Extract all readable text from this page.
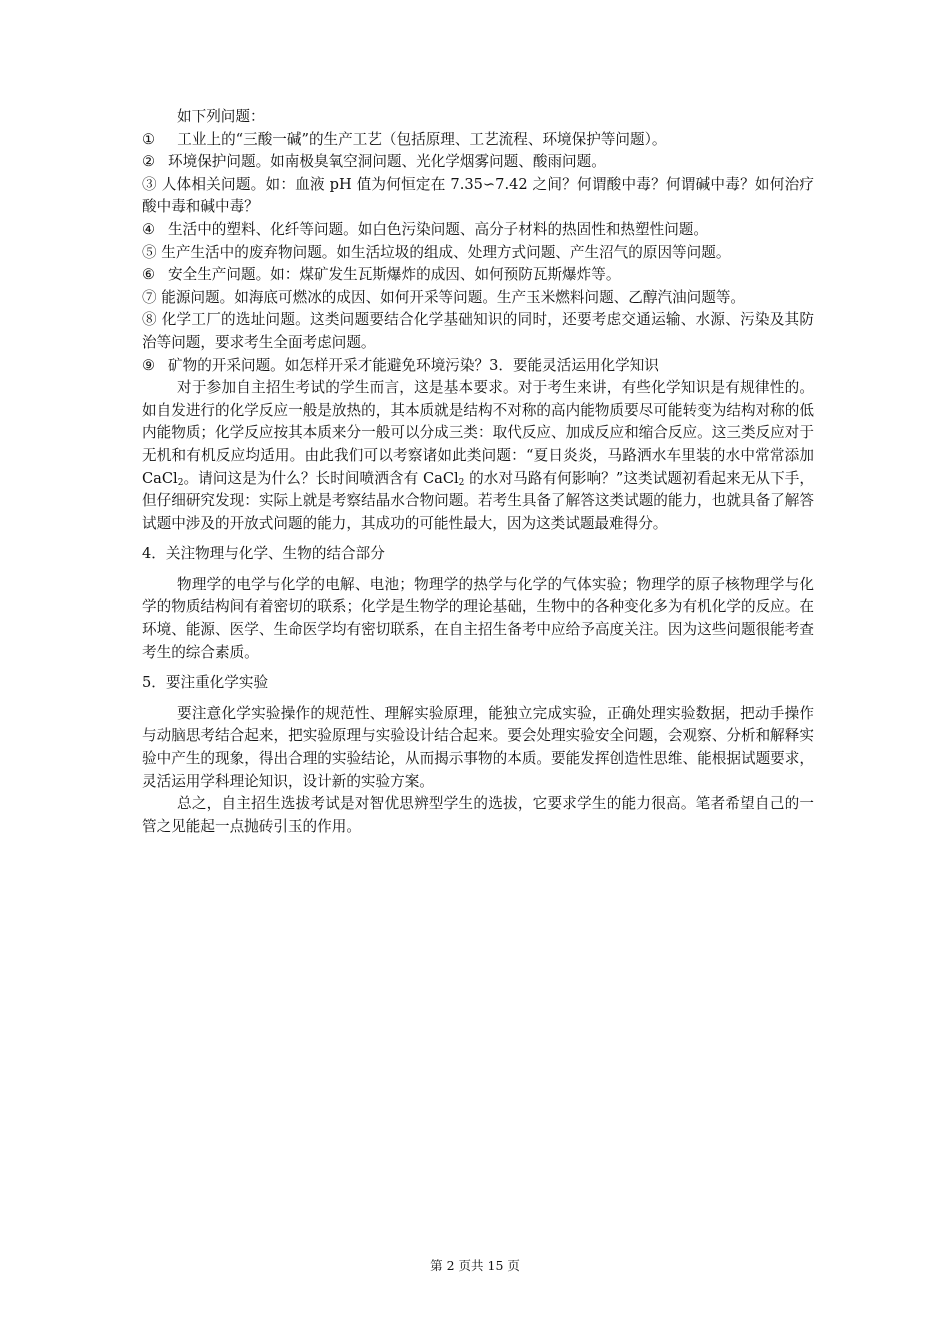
如下列问题：

① 工业上的“三酸一碱”的生产工艺（包括原理、工艺流程、环境保护等问题）。
② 环境保护问题。如南极臭氧空洞问题、光化学烟雾问题、酸雨问题。

③ 人体相关问题。如：血液 pH 值为何恒定在 7.35∽7.42 之间？何谓酸中毒？何谓碱中毒？如何治疗酸中毒和碱中毒？

④ 生活中的塑料、化纤等问题。如白色污染问题、高分子材料的热固性和热塑性问题。

⑤ 生产生活中的废弃物问题。如生活垃圾的组成、处理方式问题、产生沼气的原因等问题。

⑥ 安全生产问题。如：煤矿发生瓦斯爆炸的成因、如何预防瓦斯爆炸等。

⑦ 能源问题。如海底可燃冰的成因、如何开采等问题。生产玉米燃料问题、乙醇汽油问题等。

⑧ 化学工厂的选址问题。这类问题要结合化学基础知识的同时，还要考虑交通运输、水源、污染及其防治等问题，要求考生全面考虑问题。

⑨ 矿物的开采问题。如怎样开采才能避免环境污染？3．要能灵活运用化学知识

对于参加自主招生考试的学生而言，这是基本要求。对于考生来讲，有些化学知识是有规律性的。如自发进行的化学反应一般是放热的，其本质就是结构不对称的高内能物质要尽可能转变为结构对称的低内能物质；化学反应按其本质来分一般可以分成三类：取代反应、加成反应和缩合反应。这三类反应对于无机和有机反应均适用。由此我们可以考察诸如此类问题：“夏日炎炎，马路洒水车里装的水中常常添加 CaCl$_2$。请问这是为什么？长时间喷洒含有 CaCl$_2$ 的水对马路有何影响？”这类试题初看起来无从下手，但仔细研究发现：实际上就是考察结晶水合物问题。若考生具备了解答这类试题的能力，也就具备了解答试题中涉及的开放式问题的能力，其成功的可能性最大，因为这类试题最难得分。

4．关注物理与化学、生物的结合部分

物理学的电学与化学的电解、电池；物理学的热学与化学的气体实验；物理学的原子核物理学与化学的物质结构间有着密切的联系；化学是生物学的理论基础，生物中的各种变化多为有机化学的反应。在环境、能源、医学、生命医学均有密切联系，在自主招生备考中应给予高度关注。因为这些问题很能考查考生的综合素质。

5．要注重化学实验

要注意化学实验操作的规范性、理解实验原理，能独立完成实验，正确处理实验数据，把动手操作与动脑思考结合起来，把实验原理与实验设计结合起来。要会处理实验安全问题，会观察、分析和解释实验中产生的现象，得出合理的实验结论，从而揭示事物的本质。要能发挥创造性思维、能根据试题要求，灵活运用学科理论知识，设计新的实验方案。

总之，自主招生选拔考试是对智优思辨型学生的选拔，它要求学生的能力很高。笔者希望自己的一管之见能起一点抛砖引玉的作用。

第 2 页共 15 页
